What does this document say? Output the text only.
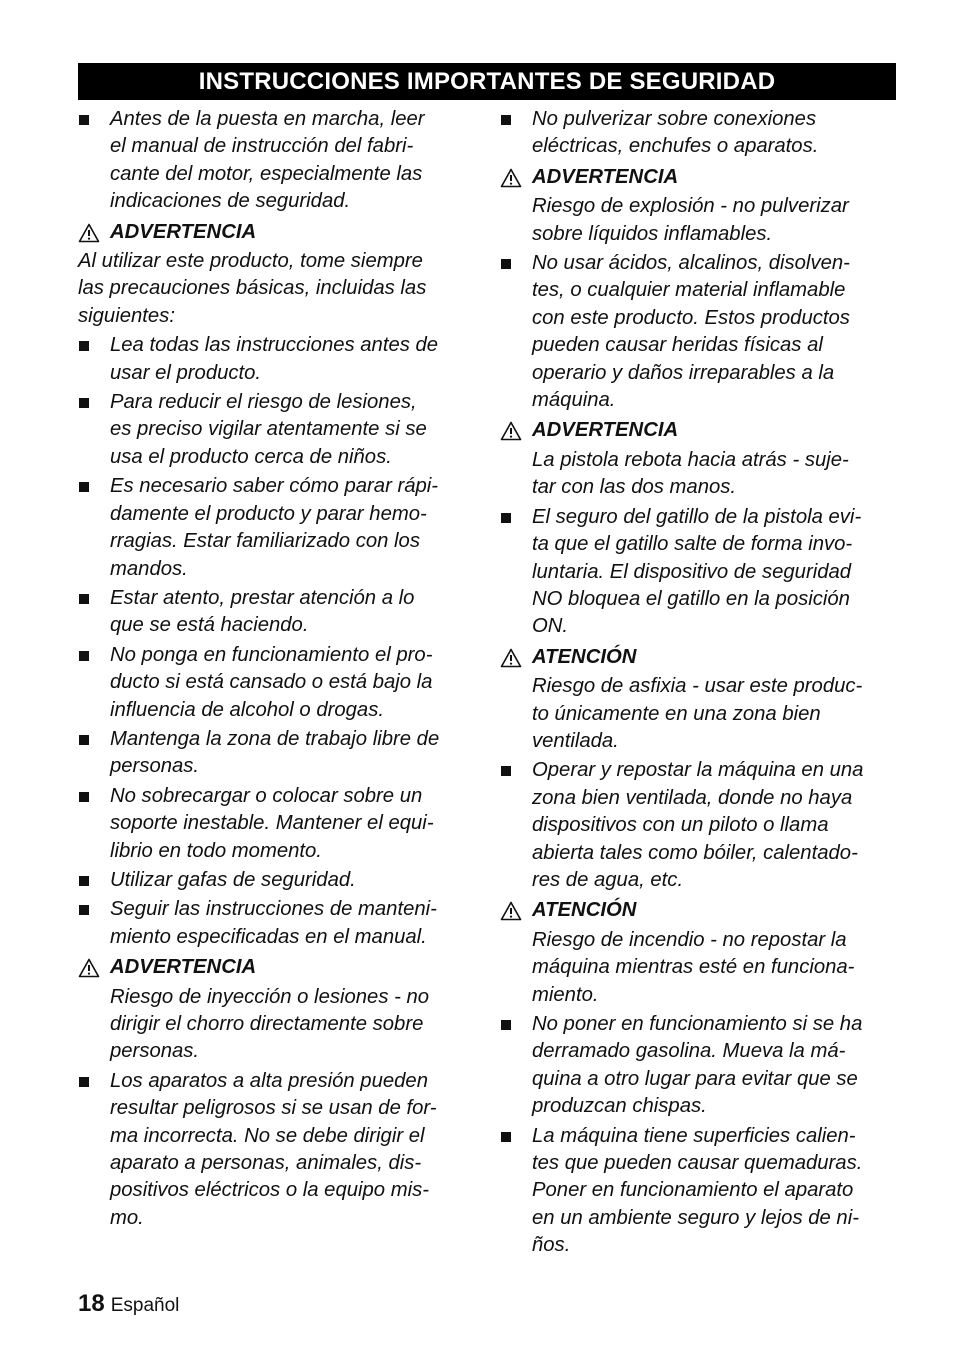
INSTRUCCIONES IMPORTANTES DE SEGURIDAD
Antes de la puesta en marcha, leer
el manual de instrucción del fabri-
cante del motor, especialmente las
indicaciones de seguridad.
ADVERTENCIA
Al utilizar este producto, tome siempre
las precauciones básicas, incluidas las
siguientes:
Lea todas las instrucciones antes de
usar el producto.
Para reducir el riesgo de lesiones,
es preciso vigilar atentamente si se
usa el producto cerca de niños.
Es necesario saber cómo parar rápi-
damente el producto y parar hemo-
rragias. Estar familiarizado con los
mandos.
Estar atento, prestar atención a lo
que se está haciendo.
No ponga en funcionamiento el pro-
ducto si está cansado o está bajo la
influencia de alcohol o drogas.
Mantenga la zona de trabajo libre de
personas.
No sobrecargar o colocar sobre un
soporte inestable. Mantener el equi-
librio en todo momento.
Utilizar gafas de seguridad.
Seguir las instrucciones de manteni-
miento especificadas en el manual.
ADVERTENCIA
Riesgo de inyección o lesiones - no
dirigir el chorro directamente sobre
personas.
Los aparatos a alta presión pueden
resultar peligrosos si se usan de for-
ma incorrecta. No se debe dirigir el
aparato a personas, animales, dis-
positivos eléctricos o la equipo mis-
mo.
No pulverizar sobre conexiones
eléctricas, enchufes o aparatos.
ADVERTENCIA
Riesgo de explosión - no pulverizar
sobre líquidos inflamables.
No usar ácidos, alcalinos, disolven-
tes, o cualquier material inflamable
con este producto. Estos productos
pueden causar heridas físicas al
operario y daños irreparables a la
máquina.
ADVERTENCIA
La pistola rebota hacia atrás - suje-
tar con las dos manos.
El seguro del gatillo de la pistola evi-
ta que el gatillo salte de forma invo-
luntaria. El dispositivo de seguridad
NO bloquea el gatillo en la posición
ON.
ATENCIÓN
Riesgo de asfixia - usar este produc-
to únicamente en una zona bien
ventilada.
Operar y repostar la máquina en una
zona bien ventilada, donde no haya
dispositivos con un piloto o llama
abierta tales como bóiler, calentado-
res de agua, etc.
ATENCIÓN
Riesgo de incendio - no repostar la
máquina mientras esté en funciona-
miento.
No poner en funcionamiento si se ha
derramado gasolina. Mueva la má-
quina a otro lugar para evitar que se
produzcan chispas.
La máquina tiene superficies calien-
tes que pueden causar quemaduras.
Poner en funcionamiento el aparato
en un ambiente seguro y lejos de ni-
ños.
18 Español
